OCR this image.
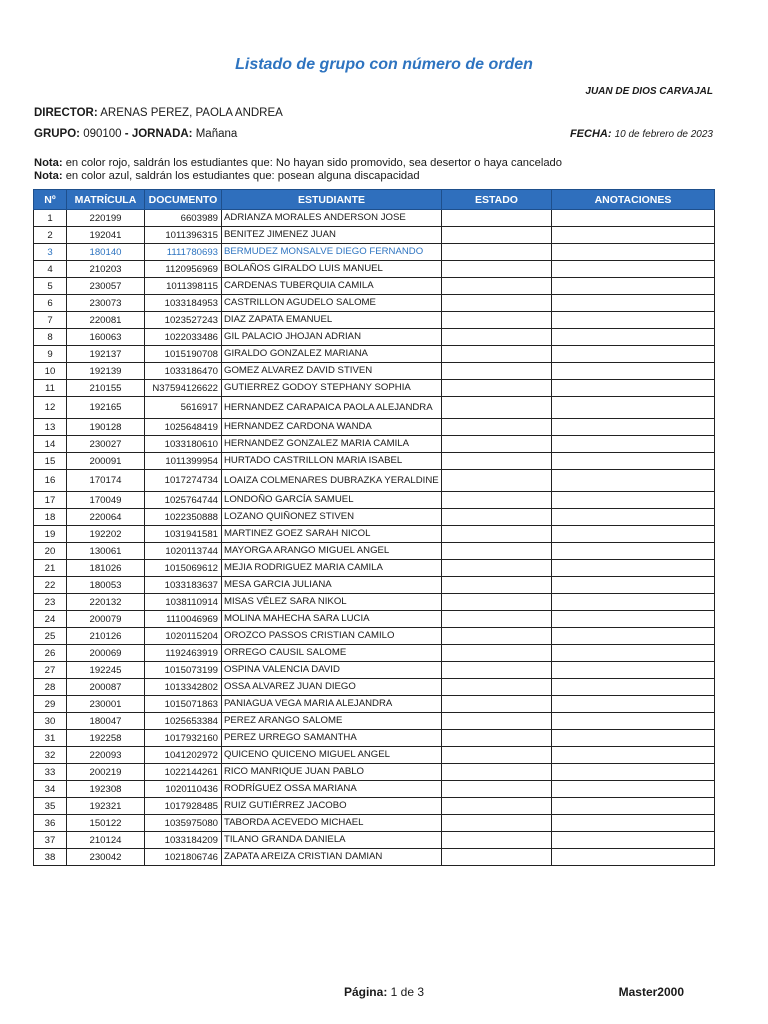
Listado de grupo con número de orden
JUAN DE DIOS CARVAJAL
DIRECTOR: ARENAS PEREZ, PAOLA ANDREA
GRUPO: 090100 - JORNADA: Mañana	FECHA: 10 de febrero de 2023
Nota: en color rojo, saldrán los estudiantes que: No hayan sido promovido, sea desertor o haya cancelado
Nota: en color azul, saldrán los estudiantes que: posean alguna discapacidad
Nº	MATRÍCULA	DOCUMENTO	ESTUDIANTE	ESTADO	ANOTACIONES
1	220199	6603989	ADRIANZA MORALES ANDERSON JOSE		
2	192041	1011396315	BENITEZ JIMENEZ JUAN		
3	180140	1111780693	BERMUDEZ MONSALVE DIEGO FERNANDO		
4	210203	1120956969	BOLAÑOS GIRALDO LUIS MANUEL		
5	230057	1011398115	CARDENAS TUBERQUIA CAMILA		
6	230073	1033184953	CASTRILLON AGUDELO SALOME		
7	220081	1023527243	DIAZ ZAPATA EMANUEL		
8	160063	1022033486	GIL PALACIO JHOJAN ADRIAN		
9	192137	1015190708	GIRALDO GONZALEZ MARIANA		
10	192139	1033186470	GOMEZ ALVAREZ DAVID STIVEN		
11	210155	N37594126622	GUTIERREZ GODOY STEPHANY SOPHIA		
12	192165	5616917	HERNANDEZ CARAPAICA PAOLA ALEJANDRA		
13	190128	1025648419	HERNANDEZ CARDONA WANDA		
14	230027	1033180610	HERNANDEZ GONZALEZ MARIA CAMILA		
15	200091	1011399954	HURTADO CASTRILLON MARIA ISABEL		
16	170174	1017274734	LOAIZA COLMENARES DUBRAZKA YERALDINE		
17	170049	1025764744	LONDOÑO GARCÍA SAMUEL		
18	220064	1022350888	LOZANO QUIÑONEZ STIVEN		
19	192202	1031941581	MARTINEZ GOEZ SARAH NICOL		
20	130061	1020113744	MAYORGA ARANGO MIGUEL ANGEL		
21	181026	1015069612	MEJIA RODRIGUEZ MARIA CAMILA		
22	180053	1033183637	MESA GARCIA JULIANA		
23	220132	1038110914	MISAS VÉLEZ SARA NIKOL		
24	200079	1110046969	MOLINA MAHECHA SARA LUCIA		
25	210126	1020115204	OROZCO PASSOS CRISTIAN CAMILO		
26	200069	1192463919	ORREGO CAUSIL SALOME		
27	192245	1015073199	OSPINA VALENCIA DAVID		
28	200087	1013342802	OSSA ALVAREZ JUAN DIEGO		
29	230001	1015071863	PANIAGUA VEGA MARIA ALEJANDRA		
30	180047	1025653384	PEREZ ARANGO SALOME		
31	192258	1017932160	PEREZ URREGO SAMANTHA		
32	220093	1041202972	QUICENO QUICENO MIGUEL ANGEL		
33	200219	1022144261	RICO MANRIQUE JUAN PABLO		
34	192308	1020110436	RODRÍGUEZ OSSA MARIANA		
35	192321	1017928485	RUIZ GUTIÉRREZ JACOBO		
36	150122	1035975080	TABORDA ACEVEDO MICHAEL		
37	210124	1033184209	TILANO GRANDA DANIELA		
38	230042	1021806746	ZAPATA AREIZA CRISTIAN DAMIAN		
Página: 1 de 3	Master2000
